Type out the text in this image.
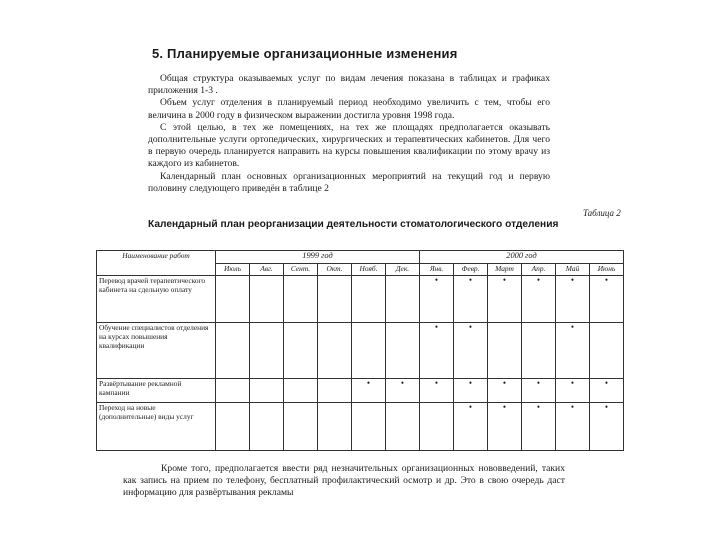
5. Планируемые организационные изменения

Общая структура оказываемых услуг по видам лечения показана в таблицах и графиках приложения 1-3 .

Объем услуг отделения в планируемый период необходимо увеличить с тем, чтобы его величина в 2000 году в физическом выражении достигла уровня 1998 года.

С этой целью, в тех же помещениях, на тех же площадях предполагается оказывать дополнительные услуги ортопедических, хирургических и терапевтических кабинетов. Для чего в первую очередь планируется направить на курсы повышения квалификации по этому врачу из каждого из кабинетов.

Календарный план основных организационных мероприятий на текущий год и первую половину следующего приведён в таблице 2

Таблица 2
Календарный план реорганизации деятельности стоматологического отделения
Наименование работ	1999 год						2000 год					
	Июль	Авг.	Сент.	Окт.	Нояб.	Дек.	Янв.	Февр.	Март	Апр.	Май	Июнь
Перевод врачей терапевтического кабинета на сдельную оплату							•	•	•	•	•	•
Обучение специалистов отделения на курсах повышения квалификации							•	•			•	
Развёртывание рекламной кампании					•	•	•	•	•	•	•	•
Переход на новые (дополнительные) виды услуг								•	•	•	•	•

Кроме того, предполагается ввести ряд незначительных организационных нововведений, таких как запись на прием по телефону, бесплатный профилактический осмотр и др. Это в свою очередь даст информацию для развёртывания рекламы
